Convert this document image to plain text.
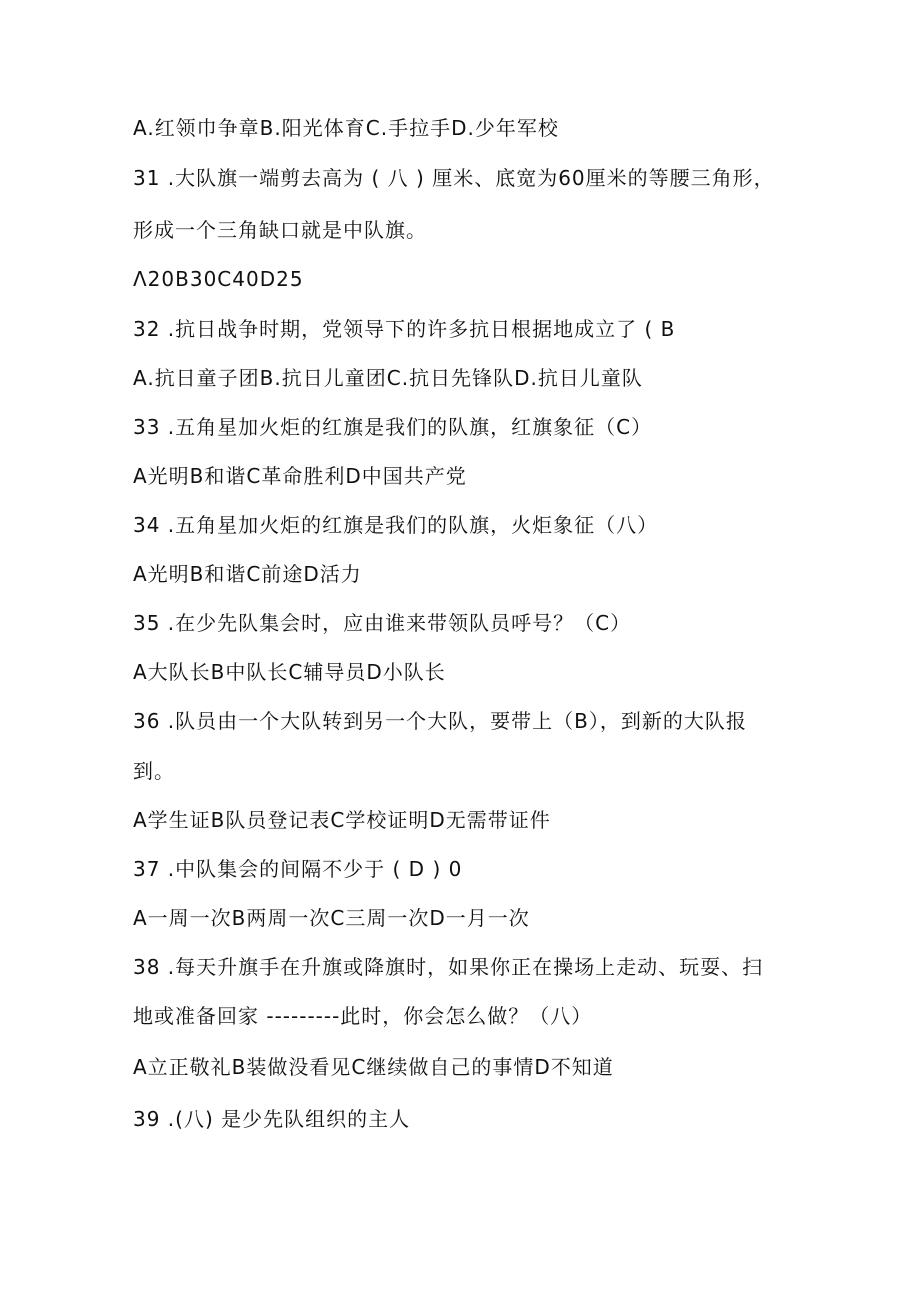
A.红领巾争章B.阳光体育C.手拉手D.少年军校
31 .大队旗一端剪去高为 ( 八 ) 厘米、底宽为60厘米的等腰三角形，
形成一个三角缺口就是中队旗。
Λ20B30C40D25
32 .抗日战争时期，党领导下的许多抗日根据地成立了 ( B
A.抗日童子团B.抗日儿童团C.抗日先锋队D.抗日儿童队
33 .五角星加火炬的红旗是我们的队旗，红旗象征（C）
A光明B和谐C革命胜利D中国共产党
34 .五角星加火炬的红旗是我们的队旗，火炬象征（八）
A光明B和谐C前途D活力
35 .在少先队集会时，应由谁来带领队员呼号？（C）
A大队长B中队长C辅导员D小队长
36 .队员由一个大队转到另一个大队，要带上（B），到新的大队报
到。
A学生证B队员登记表C学校证明D无需带证件
37 .中队集会的间隔不少于 ( D ) 0
A一周一次B两周一次C三周一次D一月一次
38 .每天升旗手在升旗或降旗时，如果你正在操场上走动、玩耍、扫
地或准备回家 ---------此时，你会怎么做？（八）
A立正敬礼B装做没看见C继续做自己的事情D不知道
39 .(八) 是少先队组织的主人
